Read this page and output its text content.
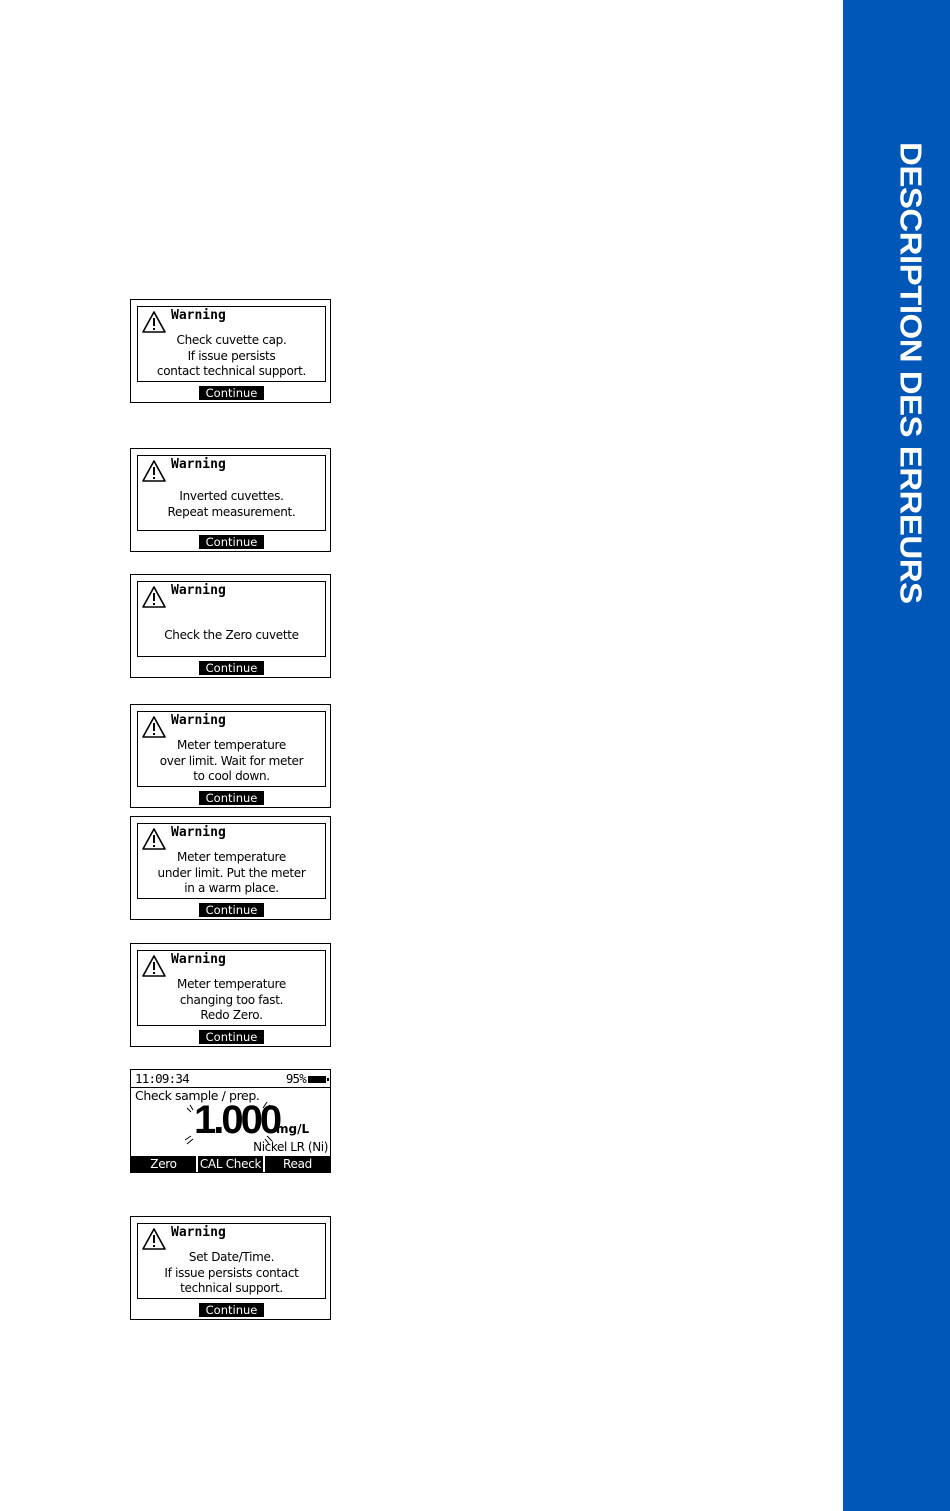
DESCRIPTION DES ERREURS
Warning
Check cuvette cap.
If issue persists
contact technical support.
Continue
Warning
Inverted cuvettes.
Repeat measurement.
Continue
Warning
Check the Zero cuvette
Continue
Warning
Meter temperature
over limit. Wait for meter
to cool down.
Continue
Warning
Meter temperature
under limit. Put the meter
in a warm place.
Continue
Warning
Meter temperature
changing too fast.
Redo Zero.
Continue
11:09:34	95%
Check sample / prep.
1.000
mg/L
Nickel LR (Ni)
Zero	CAL Check	Read
Warning
Set Date/Time.
If issue persists contact
technical support.
Continue
